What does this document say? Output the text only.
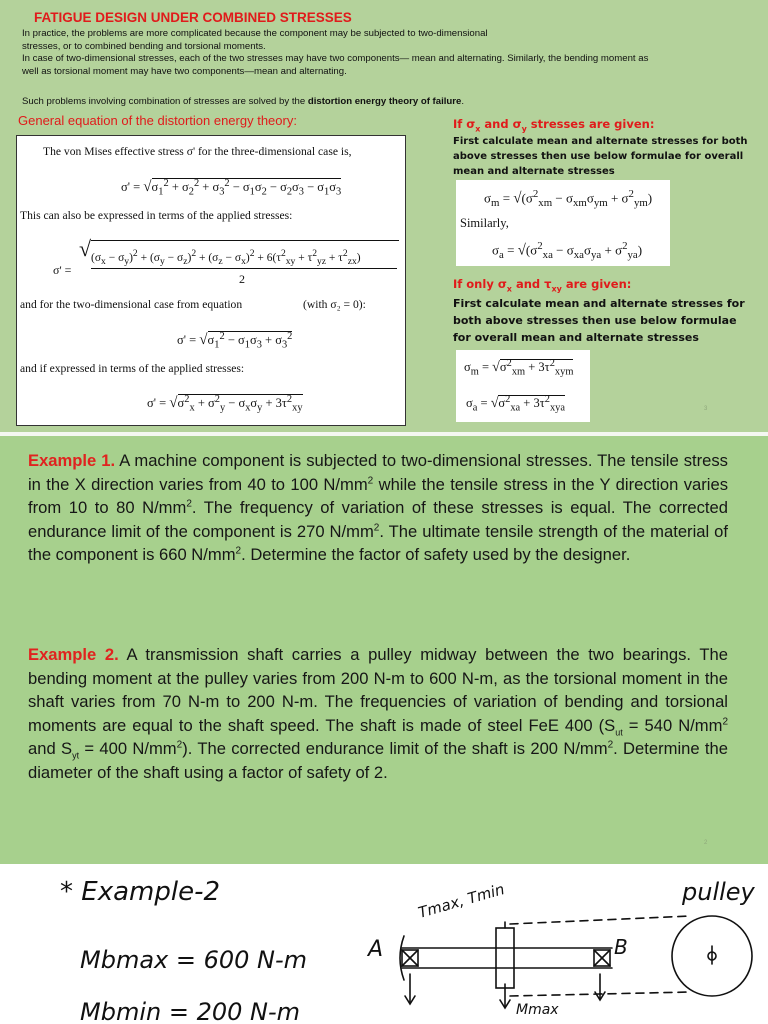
FATIGUE DESIGN UNDER COMBINED STRESSES

In practice, the problems are more complicated because the component may be subjected to two-dimensional

stresses, or to combined bending and torsional moments.

In case of two-dimensional stresses, each of the two stresses may have two components— mean and alternating. Similarly, the bending moment as

well as torsional moment may have two components—mean and alternating.

Such problems involving combination of stresses are solved by the distortion energy theory of failure.
General equation of the distortion energy theory:
The von Mises effective stress σ' for the three-dimensional case is,
$\sigma' = √\sigma_1^2 + \sigma_2^2 + \sigma_3^2 - \sigma_1\sigma_2 - \sigma_2\sigma_3 - \sigma_1\sigma_3$
This can also be expressed in terms of the applied stresses:
σ' =
√ $(\sigma_x - \sigma_y)^2 + (\sigma_y - \sigma_z)^2 + (\sigma_z - \sigma_x)^2 + 6(\tau^2_{xy} + \tau^2_{yz} + \tau^2_{zx})$
2
and for the two-dimensional case from equation	(with σ₂ = 0):
$\sigma' = √\sigma_1^2 - \sigma_1\sigma_3 + \sigma_3^2$
and if expressed in terms of the applied stresses:
$\sigma' = √\sigma^2_x + \sigma^2_y - \sigma_x\sigma_y + 3\tau^2_{xy}$
If $\sigma_x$ and $\sigma_y$ stresses are given:
First calculate mean and alternate stresses for both above stresses then use below formulae for overall mean and alternate stresses
$\sigma_m = √(\sigma^2_{xm} - \sigma_{xm}\sigma_{ym} + \sigma^2_{ym})$
Similarly,
$\sigma_a = √(\sigma^2_{xa} - \sigma_{xa}\sigma_{ya} + \sigma^2_{ya})$
If only $\sigma_x$ and $\tau_{xy}$ are given:
First calculate mean and alternate stresses for both above stresses then use below formulae for overall mean and alternate stresses
$\sigma_m = √\sigma^2_{xm} + 3\tau^2_{xym}$
$\sigma_a = √\sigma^2_{xa} + 3\tau^2_{xya}$	3

Example 1. A machine component is subjected to two-dimensional stresses. The tensile stress in the X direction varies from 40 to 100 $N/mm^2$ while the tensile stress in the Y direction varies from 10 to 80 $N/mm^2$. The frequency of variation of these stresses is equal. The corrected endurance limit of the component is 270 $N/mm^2$. The ultimate tensile strength of the material of the component is 660 $N/mm^2$. Determine the factor of safety used by the designer.

Example 2. A transmission shaft carries a pulley midway between the two bearings. The bending moment at the pulley varies from 200 N-m to 600 N-m, as the torsional moment in the shaft varies from 70 N-m to 200 N-m. The frequencies of variation of bending and torsional moments are equal to the shaft speed. The shaft is made of steel FeE 400 ($S_{ut} = 540$ $N/mm^2$ and $S_{yt} = 400$ $N/mm^2$). The corrected endurance limit of the shaft is 200 $N/mm^2$. Determine the diameter of the shaft using a factor of safety of 2.

2
* Example-2
Mbmax = 600 N-m
Mbmin = 200 N-m
Tmax, Tmin
A	B
pulley
Mmax
